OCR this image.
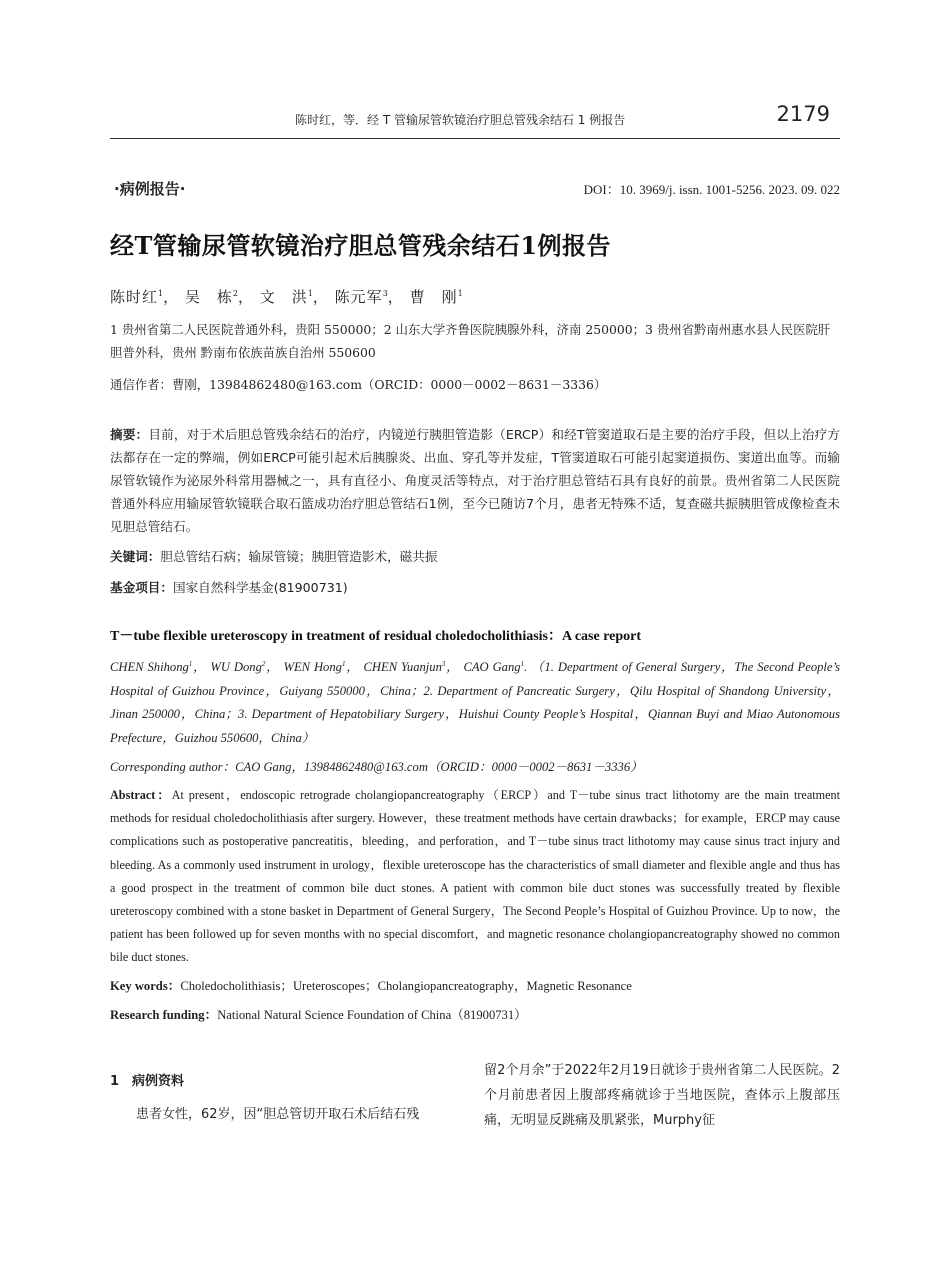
陈时红，等．经 T 管输尿管软镜治疗胆总管残余结石 1 例报告	2179
·病例报告·	DOI：10. 3969/j. issn. 1001-5256. 2023. 09. 022
经T管输尿管软镜治疗胆总管残余结石1例报告
陈时红$^1$， 吴　栋$^2$， 文　洪$^1$， 陈元军$^3$， 曹　刚$^1$
1 贵州省第二人民医院普通外科，贵阳 550000；2 山东大学齐鲁医院胰腺外科，济南 250000；3 贵州省黔南州惠水县人民医院肝胆普外科，贵州 黔南布依族苗族自治州 550600
通信作者：曹刚，13984862480@163.com（ORCID：0000－0002－8631－3336）
摘要：目前，对于术后胆总管残余结石的治疗，内镜逆行胰胆管造影（ERCP）和经T管窦道取石是主要的治疗手段，但以上治疗方法都存在一定的弊端，例如ERCP可能引起术后胰腺炎、出血、穿孔等并发症，T管窦道取石可能引起窦道损伤、窦道出血等。而输尿管软镜作为泌尿外科常用器械之一，具有直径小、角度灵活等特点，对于治疗胆总管结石具有良好的前景。贵州省第二人民医院普通外科应用输尿管软镜联合取石篮成功治疗胆总管结石1例，至今已随访7个月，患者无特殊不适，复查磁共振胰胆管成像检查未见胆总管结石。
关键词：胆总管结石病；输尿管镜；胰胆管造影术，磁共振
基金项目：国家自然科学基金(81900731)
T－tube flexible ureteroscopy in treatment of residual choledocholithiasis：A case report
CHEN Shihong$^1$， WU Dong$^2$， WEN Hong$^1$， CHEN Yuanjun$^3$， CAO Gang$^1$. （1. Department of General Surgery，The Second People’s Hospital of Guizhou Province，Guiyang 550000，China；2. Department of Pancreatic Surgery，Qilu Hospital of Shandong University，Jinan 250000，China；3. Department of Hepatobiliary Surgery，Huishui County People’s Hospital，Qiannan Buyi and Miao Autonomous Prefecture，Guizhou 550600，China）
Corresponding author：CAO Gang，13984862480@163.com（ORCID：0000－0002－8631－3336）
Abstract：At present，endoscopic retrograde cholangiopancreatography（ERCP）and T－tube sinus tract lithotomy are the main treatment methods for residual choledocholithiasis after surgery. However，these treatment methods have certain drawbacks；for example，ERCP may cause complications such as postoperative pancreatitis，bleeding，and perforation，and T－tube sinus tract lithotomy may cause sinus tract injury and bleeding. As a commonly used instrument in urology，flexible ureteroscope has the characteristics of small diameter and flexible angle and thus has a good prospect in the treatment of common bile duct stones. A patient with common bile duct stones was successfully treated by flexible ureteroscopy combined with a stone basket in Department of General Surgery，The Second People’s Hospital of Guizhou Province. Up to now，the patient has been followed up for seven months with no special discomfort，and magnetic resonance cholangiopancreatography showed no common bile duct stones.
Key words：Choledocholithiasis；Ureteroscopes；Cholangiopancreatography，Magnetic Resonance
Research funding：National Natural Science Foundation of China（81900731）
1 病例资料
患者女性，62岁，因“胆总管切开取石术后结石残
留2个月余”于2022年2月19日就诊于贵州省第二人民医院。2个月前患者因上腹部疼痛就诊于当地医院，查体示上腹部压痛，无明显反跳痛及肌紧张，Murphy征
